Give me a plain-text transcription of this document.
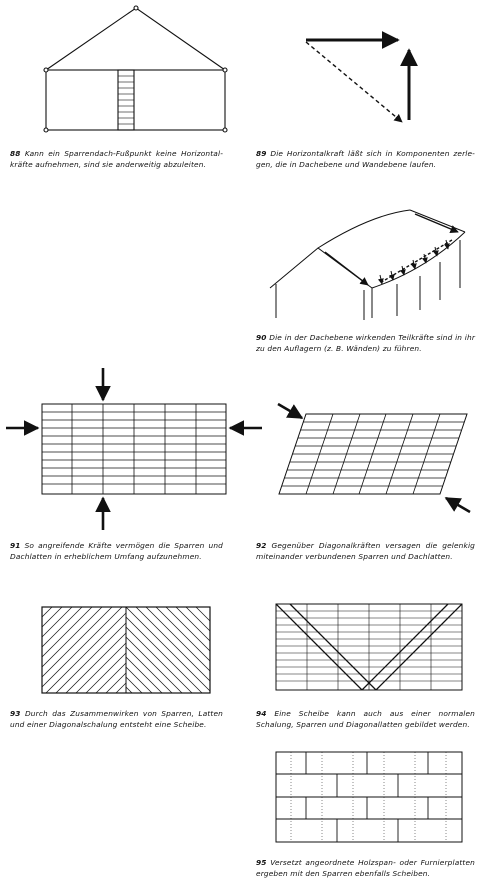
88 Kann ein Sparrendach-Fußpunkt keine Horizontal-kräfte aufnehmen, sind sie anderweitig abzuleiten.

89 Die Horizontalkraft läßt sich in Komponenten zerle-gen, die in Dachebene und Wandebene laufen.

90 Die in der Dachebene wirkenden Teilkräfte sind in ihr zu den Auflagern (z. B. Wänden) zu führen.

91 So angreifende Kräfte vermögen die Sparren und Dachlatten in erheblichem Umfang aufzunehmen.

92 Gegenüber Diagonalkräften versagen die gelenkig miteinander verbundenen Sparren und Dachlatten.

93 Durch das Zusammenwirken von Sparren, Latten und einer Diagonalschalung entsteht eine Scheibe.

94 Eine Scheibe kann auch aus einer normalen Schalung, Sparren und Diagonallatten gebildet werden.

95 Versetzt angeordnete Holzspan- oder Furnierplatten ergeben mit den Sparren ebenfalls Scheiben.
